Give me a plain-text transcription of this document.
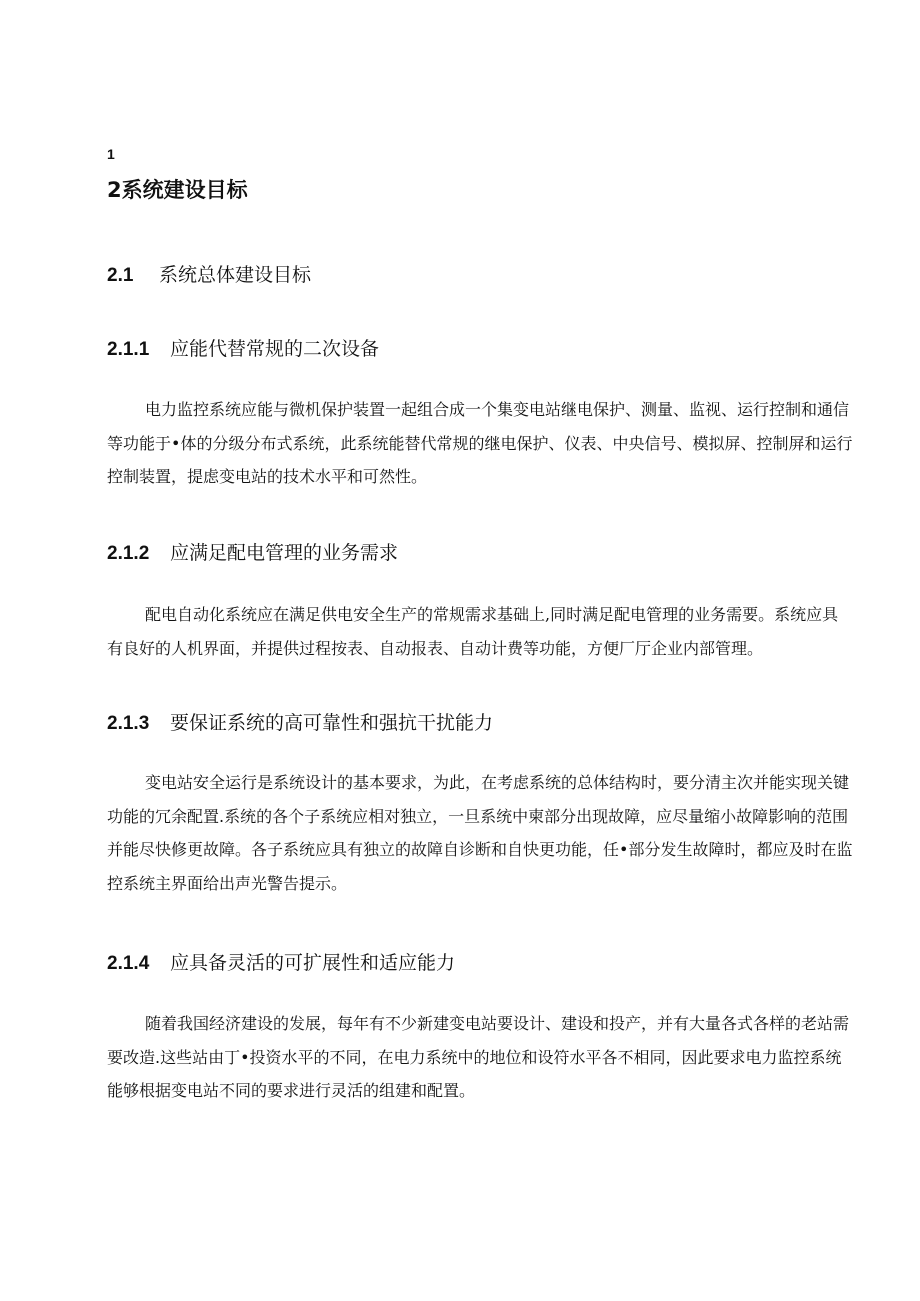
1
2系统建设目标
2.1 系统总体建设目标
2.1.1 应能代替常规的二次设备

电力监控系统应能与微机保护装置一起组合成一个集变电站继电保护、测量、监视、运行控制和通信等功能于•体的分级分布式系统，此系统能替代常规的继电保护、仪表、中央信号、模拟屏、控制屏和运行控制装置，提虑变电站的技术水平和可然性。

2.1.2 应满足配电管理的业务需求

配电自动化系统应在满足供电安全生产的常规需求基础上,同时满足配电管理的业务需要。系统应具有良好的人机界面，并提供过程按表、自动报表、自动计费等功能，方便厂厅企业内部管理。

2.1.3 要保证系统的高可靠性和强抗干扰能力

变电站安全运行是系统设计的基本要求，为此，在考虑系统的总体结构时，要分清主次并能实现关键功能的冗余配置.系统的各个子系统应相对独立，一旦系统中柬部分出现故障，应尽量缩小故障影响的范围并能尽快修更故障。各子系统应具有独立的故障自诊断和自快更功能，任•部分发生故障时，都应及时在监控系统主界面给出声光警告提示。

2.1.4 应具备灵活的可扩展性和适应能力

随着我国经济建设的发展，每年有不少新建变电站要设计、建设和投产，并有大量各式各样的老站需要改造.这些站由丁•投资水平的不同，在电力系统中的地位和设符水平各不相同，因此要求电力监控系统能够根据变电站不同的要求进行灵活的组建和配置。
